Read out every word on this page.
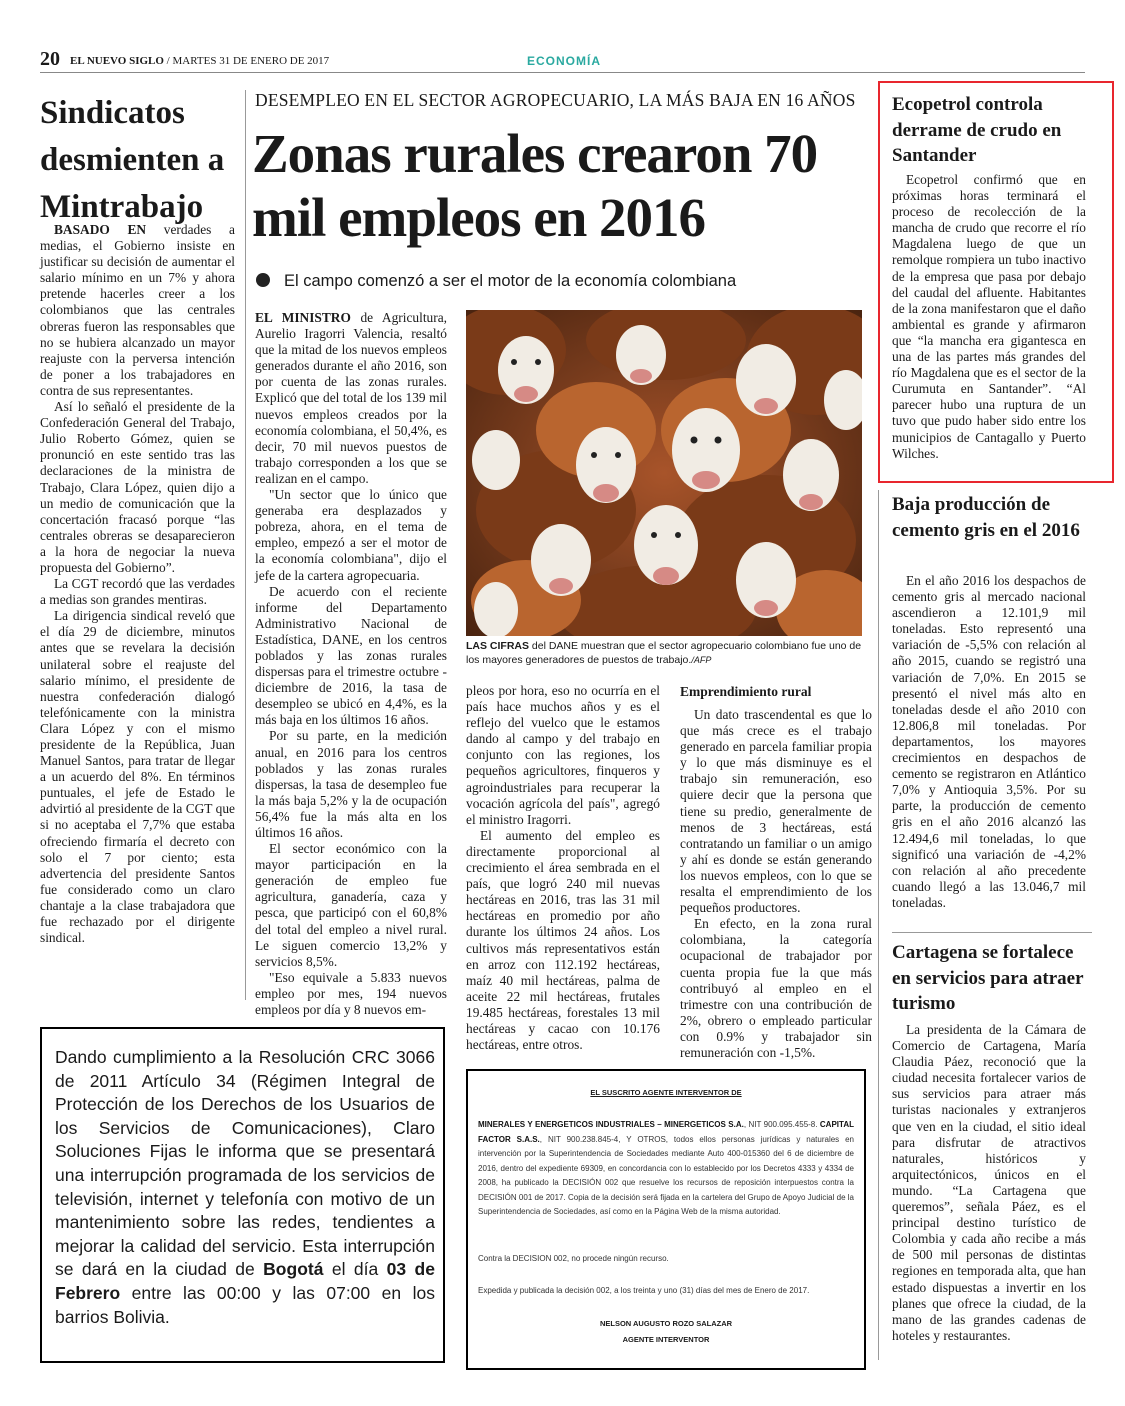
20 EL NUEVO SIGLO / MARTES 31 DE ENERO DE 2017	ECONOMÍA
Sindicatos desmienten a Mintrabajo

BASADO EN verdades a medias, el Gobierno insiste en justificar su decisión de aumentar el salario mínimo en un 7% y ahora pretende hacerles creer a los colombianos que las centrales obreras fueron las responsables que no se hubiera alcanzado un mayor reajuste con la perversa intención de poner a los trabajadores en contra de sus representantes.

Así lo señaló el presidente de la Confederación General del Trabajo, Julio Roberto Gómez, quien se pronunció en este sentido tras las declaraciones de la ministra de Trabajo, Clara López, quien dijo a un medio de comunicación que la concertación fracasó porque “las centrales obreras se desaparecieron a la hora de negociar la nueva propuesta del Gobierno”.

La CGT recordó que las verdades a medias son grandes mentiras.

La dirigencia sindical reveló que el día 29 de diciembre, minutos antes que se revelara la decisión unilateral sobre el reajuste del salario mínimo, el presidente de nuestra confederación dialogó telefónicamente con la ministra Clara López y con el mismo presidente de la República, Juan Manuel Santos, para tratar de llegar a un acuerdo del 8%. En términos puntuales, el jefe de Estado le advirtió al presidente de la CGT que si no aceptaba el 7,7% que estaba ofreciendo firmaría el decreto con solo el 7 por ciento; esta advertencia del presidente Santos fue considerado como un claro chantaje a la clase trabajadora que fue rechazado por el dirigente sindical.

DESEMPLEO EN EL SECTOR AGROPECUARIO, LA MÁS BAJA EN 16 AÑOS
Zonas rurales crearon 70 mil empleos en 2016
El campo comenzó a ser el motor de la economía colombiana

EL MINISTRO de Agricultura, Aurelio Iragorri Valencia, resaltó que la mitad de los nuevos empleos generados durante el año 2016, son por cuenta de las zonas rurales. Explicó que del total de los 139 mil nuevos empleos creados por la economía colombiana, el 50,4%, es decir, 70 mil nuevos puestos de trabajo corresponden a los que se realizan en el campo.

"Un sector que lo único que generaba era desplazados y pobreza, ahora, en el tema de empleo, empezó a ser el motor de la economía colombiana", dijo el jefe de la cartera agropecuaria.

De acuerdo con el reciente informe del Departamento Administrativo Nacional de Estadística, DANE, en los centros poblados y las zonas rurales dispersas para el trimestre octubre - diciembre de 2016, la tasa de desempleo se ubicó en 4,4%, es la más baja en los últimos 16 años.

Por su parte, en la medición anual, en 2016 para los centros poblados y las zonas rurales dispersas, la tasa de desempleo fue la más baja 5,2% y la de ocupación 56,4% fue la más alta en los últimos 16 años.

El sector económico con la mayor participación en la generación de empleo fue agricultura, ganadería, caza y pesca, que participó con el 60,8% del total del empleo a nivel rural. Le siguen comercio 13,2% y servicios 8,5%.

"Eso equivale a 5.833 nuevos empleo por mes, 194 nuevos empleos por día y 8 nuevos em-

LAS CIFRAS del DANE muestran que el sector agropecuario colombiano fue uno de los mayores generadores de puestos de trabajo./AFP

pleos por hora, eso no ocurría en el país hace muchos años y es el reflejo del vuelco que le estamos dando al campo y del trabajo en conjunto con las regiones, los pequeños agricultores, finqueros y agroindustriales para recuperar la vocación agrícola del país", agregó el ministro Iragorri.

El aumento del empleo es directamente proporcional al crecimiento el área sembrada en el país, que logró 240 mil nuevas hectáreas en 2016, tras las 31 mil hectáreas en promedio por año durante los últimos 24 años. Los cultivos más representativos están en arroz con 112.192 hectáreas, maíz 40 mil hectáreas, palma de aceite 22 mil hectáreas, frutales 19.485 hectáreas, forestales 13 mil hectáreas y cacao con 10.176 hectáreas, entre otros.

Emprendimiento rural

Un dato trascendental es que lo que más crece es el trabajo generado en parcela familiar propia y lo que más disminuye es el trabajo sin remuneración, eso quiere decir que la persona que tiene su predio, generalmente de menos de 3 hectáreas, está contratando un familiar o un amigo y ahí es donde se están generando los nuevos empleos, con lo que se resalta el emprendimiento de los pequeños productores.

En efecto, en la zona rural colombiana, la categoría ocupacional de trabajador por cuenta propia fue la que más contribuyó al empleo en el trimestre con una contribución de 2%, obrero o empleado particular con 0.9% y trabajador sin remuneración con -1,5%.

Ecopetrol controla derrame de crudo en Santander

Ecopetrol confirmó que en próximas horas terminará el proceso de recolección de la mancha de crudo que recorre el río Magdalena luego de que un remolque rompiera un tubo inactivo de la empresa que pasa por debajo del caudal del afluente. Habitantes de la zona manifestaron que el daño ambiental es grande y afirmaron que “la mancha era gigantesca en una de las partes más grandes del río Magdalena que es el sector de la Curumuta en Santander”. “Al parecer hubo una ruptura de un tuvo que pudo haber sido entre los municipios de Cantagallo y Puerto Wilches.

Baja producción de cemento gris en el 2016

En el año 2016 los despachos de cemento gris al mercado nacional ascendieron a 12.101,9 mil toneladas. Esto representó una variación de -5,5% con relación al año 2015, cuando se registró una variación de 7,0%. En 2015 se presentó el nivel más alto en toneladas desde el año 2010 con 12.806,8 mil toneladas. Por departamentos, los mayores crecimientos en despachos de cemento se registraron en Atlántico 7,0% y Antioquia 3,5%. Por su parte, la producción de cemento gris en el año 2016 alcanzó las 12.494,6 mil toneladas, lo que significó una variación de -4,2% con relación al año precedente cuando llegó a las 13.046,7 mil toneladas.

Cartagena se fortalece en servicios para atraer turismo

La presidenta de la Cámara de Comercio de Cartagena, María Claudia Páez, reconoció que la ciudad necesita fortalecer varios de sus servicios para atraer más turistas nacionales y extranjeros que ven en la ciudad, el sitio ideal para disfrutar de atractivos naturales, históricos y arquitectónicos, únicos en el mundo. “La Cartagena que queremos”, señala Páez, es el principal destino turístico de Colombia y cada año recibe a más de 500 mil personas de distintas regiones en temporada alta, que han estado dispuestas a invertir en los planes que ofrece la ciudad, de la mano de las grandes cadenas de hoteles y restaurantes.

Dando cumplimiento a la Resolución CRC 3066 de 2011 Artículo 34 (Régimen Integral de Protección de los Derechos de los Usuarios de los Servicios de Comunicaciones), Claro Soluciones Fijas le informa que se presentará una interrupción programada de los servicios de televisión, internet y telefonía con motivo de un mantenimiento sobre las redes, tendientes a mejorar la calidad del servicio. Esta interrupción se dará en la ciudad de Bogotá el día 03 de Febrero entre las 00:00 y las 07:00 en los barrios Bolivia.
EL SUSCRITO AGENTE INTERVENTOR DE
MINERALES Y ENERGETICOS INDUSTRIALES – MINERGETICOS S.A., NIT 900.095.455-8. CAPITAL FACTOR S.A.S., NIT 900.238.845-4, Y OTROS, todos ellos personas jurídicas y naturales en intervención por la Superintendencia de Sociedades mediante Auto 400-015360 del 6 de diciembre de 2016, dentro del expediente 69309, en concordancia con lo establecido por los Decretos 4333 y 4334 de 2008, ha publicado la DECISIÓN 002 que resuelve los recursos de reposición interpuestos contra la DECISIÓN 001 de 2017. Copia de la decisión será fijada en la cartelera del Grupo de Apoyo Judicial de la Superintendencia de Sociedades, así como en la Página Web de la misma autoridad.
Contra la DECISION 002, no procede ningún recurso.
Expedida y publicada la decisión 002, a los treinta y uno (31) días del mes de Enero de 2017.
NELSON AUGUSTO ROZO SALAZAR
AGENTE INTERVENTOR
